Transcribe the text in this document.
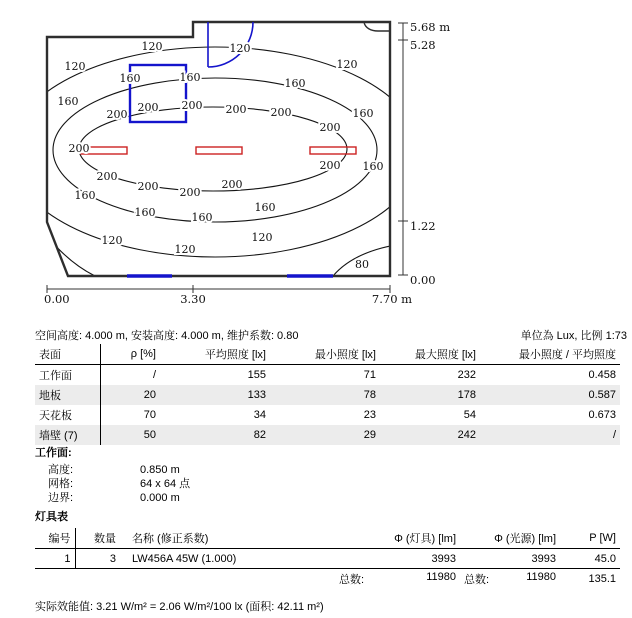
120
120	120
120
120
120
120
160
160	160	160
160
160
160
160	160
160
200
200
200 200 200 200
200
200
200 200
200
200
80
5.68 m
5.28
1.22
0.00
0.00	3.30	7.70 m
空间高度: 4.000 m, 安装高度: 4.000 m, 维护系数: 0.80	单位為 Lux, 比例 1:73
表面	ρ [%]	平均照度 [lx]	最小照度 [lx]	最大照度 [lx]	最小照度 / 平均照度
工作面	/	155	71	232	0.458
地板	20	133	78	178	0.587
天花板	70	34	23	54	0.673
墙壁 (7)	50	82	29	242	/
工作面:
高度:	0.850 m
网格:	64 x 64 点
边界:	0.000 m
灯具表
编号	数量	名称 (修正系数)	Φ (灯具) [lm]	Φ (光源) [lm]	P [W]
1	3	LW456A 45W (1.000)	3993	3993	45.0

			总数: 11980	总数: 11980	135.1
实际效能值: 3.21 W/m² = 2.06 W/m²/100 lx (面积: 42.11 m²)
